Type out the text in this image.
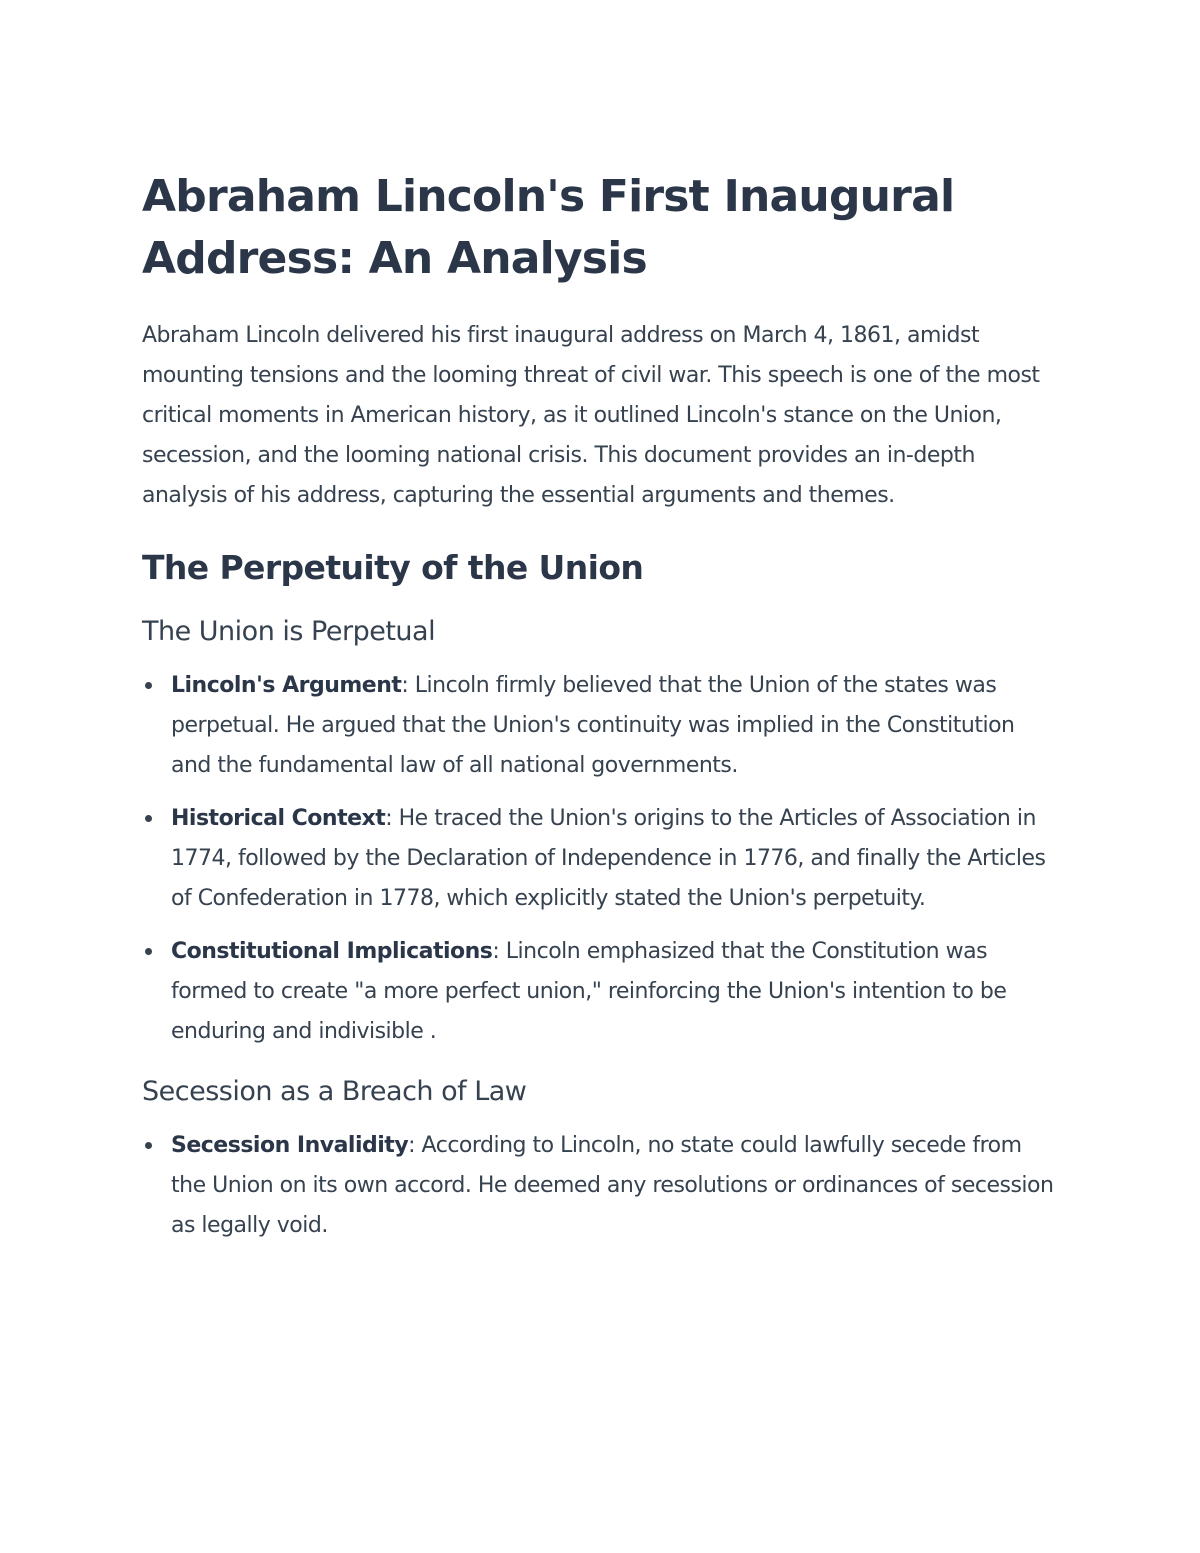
Abraham Lincoln's First Inaugural Address: An Analysis

Abraham Lincoln delivered his first inaugural address on March 4, 1861, amidst mounting tensions and the looming threat of civil war. This speech is one of the most critical moments in American history, as it outlined Lincoln's stance on the Union, secession, and the looming national crisis. This document provides an in-depth analysis of his address, capturing the essential arguments and themes.

The Perpetuity of the Union
The Union is Perpetual
Lincoln's Argument: Lincoln firmly believed that the Union of the states was perpetual. He argued that the Union's continuity was implied in the Constitution and the fundamental law of all national governments.
Historical Context: He traced the Union's origins to the Articles of Association in 1774, followed by the Declaration of Independence in 1776, and finally the Articles of Confederation in 1778, which explicitly stated the Union's perpetuity.
Constitutional Implications: Lincoln emphasized that the Constitution was formed to create "a more perfect union," reinforcing the Union's intention to be enduring and indivisible .
Secession as a Breach of Law
Secession Invalidity: According to Lincoln, no state could lawfully secede from the Union on its own accord. He deemed any resolutions or ordinances of secession as legally void.
